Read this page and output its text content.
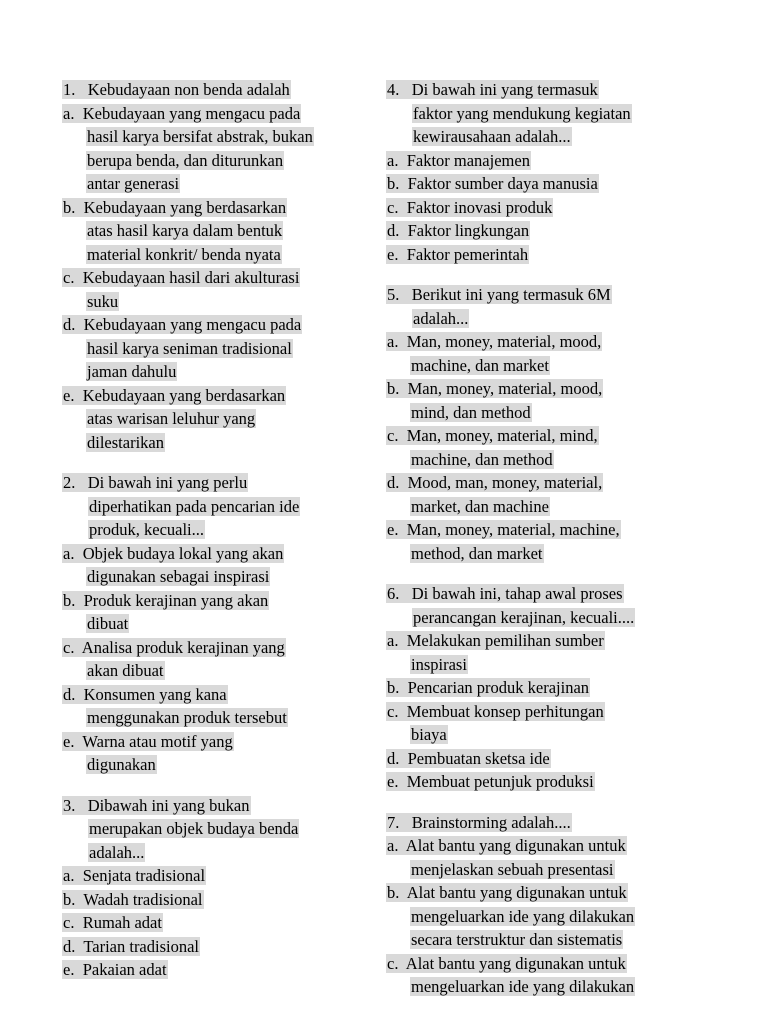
1.   Kebudayaan non benda adalah
a.  Kebudayaan yang mengacu pada
hasil karya bersifat abstrak, bukan
berupa benda, dan diturunkan
antar generasi
b.  Kebudayaan yang berdasarkan
atas hasil karya dalam bentuk
material konkrit/ benda nyata
c.  Kebudayaan hasil dari akulturasi
suku
d.  Kebudayaan yang mengacu pada
hasil karya seniman tradisional
jaman dahulu
e.  Kebudayaan yang berdasarkan
atas warisan leluhur yang
dilestarikan
2.   Di bawah ini yang perlu
diperhatikan pada pencarian ide
produk, kecuali...
a.  Objek budaya lokal yang akan
digunakan sebagai inspirasi
b.  Produk kerajinan yang akan
dibuat
c.  Analisa produk kerajinan yang
akan dibuat
d.  Konsumen yang kana
menggunakan produk tersebut
e.  Warna atau motif yang
digunakan
3.   Dibawah ini yang bukan
merupakan objek budaya benda
adalah...
a.  Senjata tradisional
b.  Wadah tradisional
c.  Rumah adat
d.  Tarian tradisional
e.  Pakaian adat
4.   Di bawah ini yang termasuk
faktor yang mendukung kegiatan
kewirausahaan adalah...
a.  Faktor manajemen
b.  Faktor sumber daya manusia
c.  Faktor inovasi produk
d.  Faktor lingkungan
e.  Faktor pemerintah
5.   Berikut ini yang termasuk 6M
adalah...
a.  Man, money, material, mood,
machine, dan market
b.  Man, money, material, mood,
mind, dan method
c.  Man, money, material, mind,
machine, dan method
d.  Mood, man, money, material,
market, dan machine
e.  Man, money, material, machine,
method, dan market
6.   Di bawah ini, tahap awal proses
perancangan kerajinan, kecuali....
a.  Melakukan pemilihan sumber
inspirasi
b.  Pencarian produk kerajinan
c.  Membuat konsep perhitungan
biaya
d.  Pembuatan sketsa ide
e.  Membuat petunjuk produksi
7.   Brainstorming adalah....
a.  Alat bantu yang digunakan untuk
menjelaskan sebuah presentasi
b.  Alat bantu yang digunakan untuk
mengeluarkan ide yang dilakukan
secara terstruktur dan sistematis
c.  Alat bantu yang digunakan untuk
mengeluarkan ide yang dilakukan
